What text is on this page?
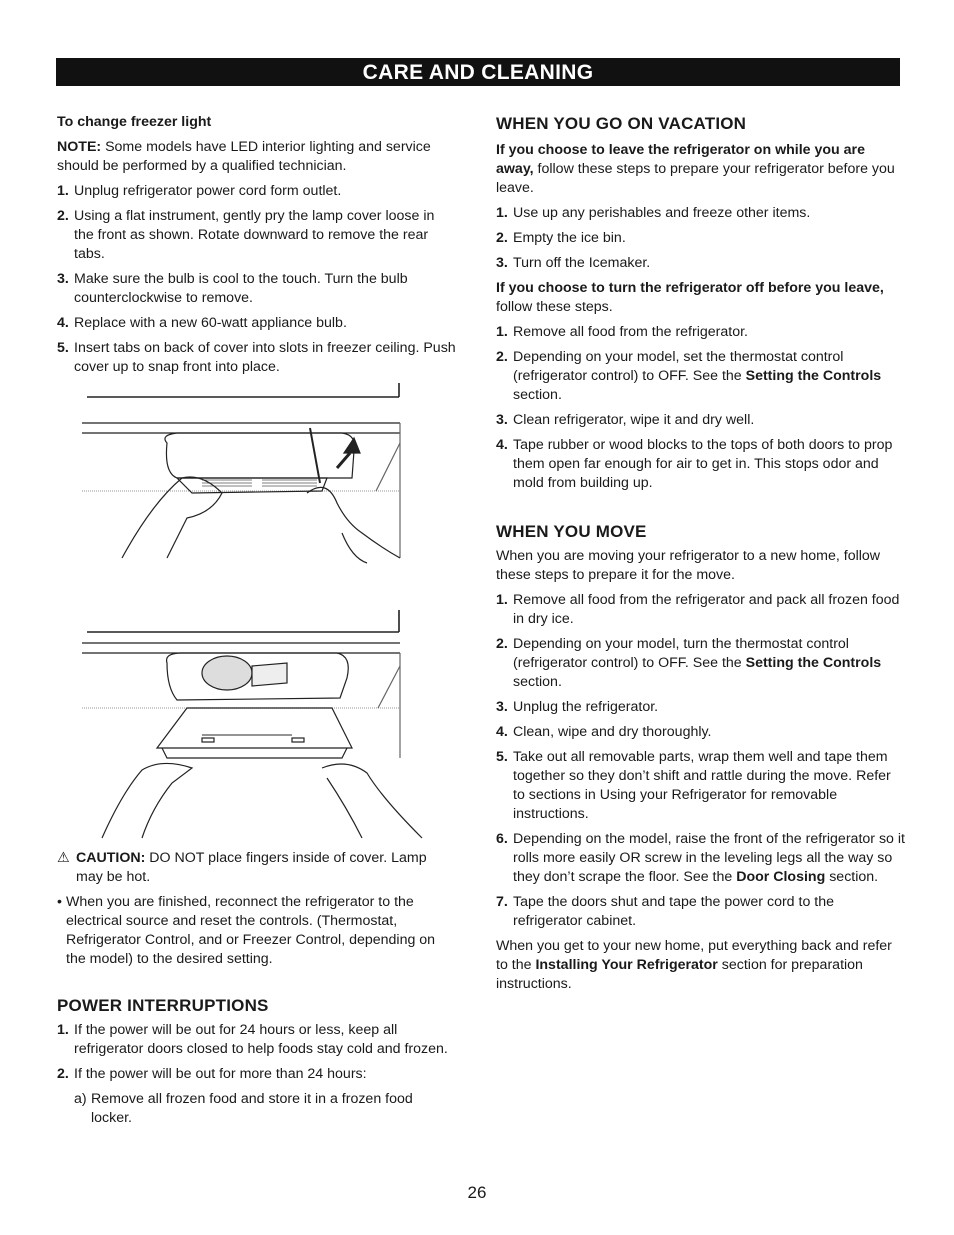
CARE AND CLEANING

To change freezer light

NOTE: Some models have LED interior lighting and service should be performed by a qualified technician.

1. Unplug refrigerator power cord form outlet.
2. Using a flat instrument, gently pry the lamp cover loose in the front as shown. Rotate downward to remove the rear tabs.
3. Make sure the bulb is cool to the touch. Turn the bulb counterclockwise to remove.
4. Replace with a new 60-watt appliance bulb.
5. Insert tabs on back of cover into slots in freezer ceiling. Push cover up to snap front into place.

⚠ CAUTION: DO NOT place fingers inside of cover. Lamp may be hot.

• When you are finished, reconnect the refrigerator to the electrical source and reset the controls. (Thermostat, Refrigerator Control, and or Freezer Control, depending on the model) to the desired setting.

POWER INTERRUPTIONS
1. If the power will be out for 24 hours or less, keep all refrigerator doors closed to help foods stay cold and frozen.
2. If the power will be out for more than 24 hours:
a) Remove all frozen food and store it in a frozen food locker.
WHEN YOU GO ON VACATION

If you choose to leave the refrigerator on while you are away, follow these steps to prepare your refrigerator before you leave.

1. Use up any perishables and freeze other items.
2. Empty the ice bin.
3. Turn off the Icemaker.

If you choose to turn the refrigerator off before you leave, follow these steps.

1. Remove all food from the refrigerator.
2. Depending on your model, set the thermostat control (refrigerator control) to OFF. See the Setting the Controls section.
3. Clean refrigerator, wipe it and dry well.
4. Tape rubber or wood blocks to the tops of both doors to prop them open far enough for air to get in. This stops odor and mold from building up.
WHEN YOU MOVE

When you are moving your refrigerator to a new home, follow these steps to prepare it for the move.

1. Remove all food from the refrigerator and pack all frozen food in dry ice.
2. Depending on your model, turn the thermostat control (refrigerator control) to OFF. See the Setting the Controls section.
3. Unplug the refrigerator.
4. Clean, wipe and dry thoroughly.
5. Take out all removable parts, wrap them well and tape them together so they don’t shift and rattle during the move. Refer to sections in Using your Refrigerator for removable instructions.
6. Depending on the model, raise the front of the refrigerator so it rolls more easily OR screw in the leveling legs all the way so they don’t scrape the floor. See the Door Closing section.
7. Tape the doors shut and tape the power cord to the refrigerator cabinet.

When you get to your new home, put everything back and refer to the Installing Your Refrigerator section for preparation instructions.

26
